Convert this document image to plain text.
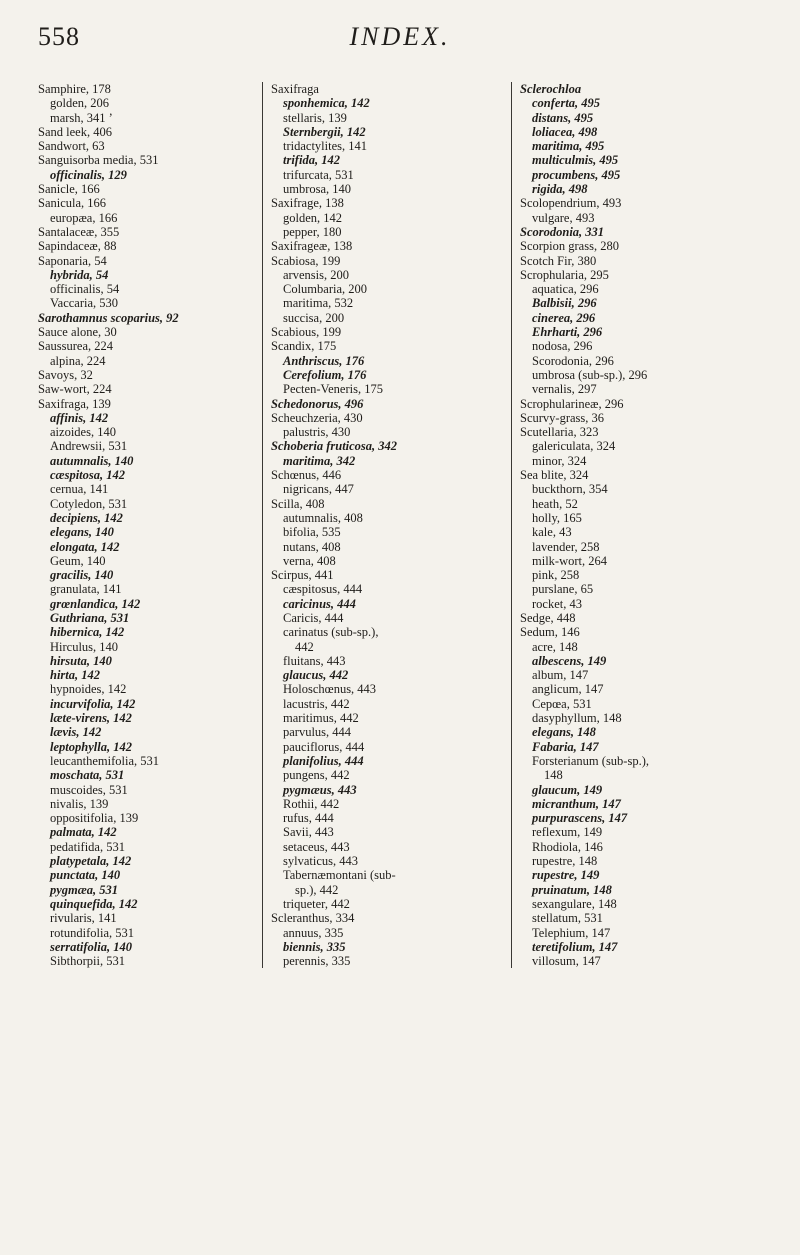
558	INDEX.
Samphire, 178
golden, 206
marsh, 341 ’
Sand leek, 406
Sandwort, 63
Sanguisorba media, 531
officinalis, 129
Sanicle, 166
Sanicula, 166
europæa, 166
Santalaceæ, 355
Sapindaceæ, 88
Saponaria, 54
hybrida, 54
officinalis, 54
Vaccaria, 530
Sarothamnus scoparius, 92
Sauce alone, 30
Saussurea, 224
alpina, 224
Savoys, 32
Saw-wort, 224
Saxifraga, 139
affinis, 142
aizoides, 140
Andrewsii, 531
autumnalis, 140
cæspitosa, 142
cernua, 141
Cotyledon, 531
decipiens, 142
elegans, 140
elongata, 142
Geum, 140
gracilis, 140
granulata, 141
grœnlandica, 142
Guthriana, 531
hibernica, 142
Hirculus, 140
hirsuta, 140
hirta, 142
hypnoides, 142
incurvifolia, 142
læte-virens, 142
lævis, 142
leptophylla, 142
leucanthemifolia, 531
moschata, 531
muscoides, 531
nivalis, 139
oppositifolia, 139
palmata, 142
pedatifida, 531
platypetala, 142
punctata, 140
pygmæa, 531
quinquefida, 142
rivularis, 141
rotundifolia, 531
serratifolia, 140
Sibthorpii, 531
Saxifraga
sponhemica, 142
stellaris, 139
Sternbergii, 142
tridactylites, 141
trifida, 142
trifurcata, 531
umbrosa, 140
Saxifrage, 138
golden, 142
pepper, 180
Saxifrageæ, 138
Scabiosa, 199
arvensis, 200
Columbaria, 200
maritima, 532
succisa, 200
Scabious, 199
Scandix, 175
Anthriscus, 176
Cerefolium, 176
Pecten-Veneris, 175
Schedonorus, 496
Scheuchzeria, 430
palustris, 430
Schoberia fruticosa, 342
maritima, 342
Schœnus, 446
nigricans, 447
Scilla, 408
autumnalis, 408
bifolia, 535
nutans, 408
verna, 408
Scirpus, 441
cæspitosus, 444
caricinus, 444
Caricis, 444
carinatus (sub-sp.),
442
fluitans, 443
glaucus, 442
Holoschœnus, 443
lacustris, 442
maritimus, 442
parvulus, 444
pauciflorus, 444
planifolius, 444
pungens, 442
pygmæus, 443
Rothii, 442
rufus, 444
Savii, 443
setaceus, 443
sylvaticus, 443
Tabernæmontani (sub-
sp.), 442
triqueter, 442
Scleranthus, 334
annuus, 335
biennis, 335
perennis, 335
Sclerochloa
conferta, 495
distans, 495
loliacea, 498
maritima, 495
multiculmis, 495
procumbens, 495
rigida, 498
Scolopendrium, 493
vulgare, 493
Scorodonia, 331
Scorpion grass, 280
Scotch Fir, 380
Scrophularia, 295
aquatica, 296
Balbisii, 296
cinerea, 296
Ehrharti, 296
nodosa, 296
Scorodonia, 296
umbrosa (sub-sp.), 296
vernalis, 297
Scrophularineæ, 296
Scurvy-grass, 36
Scutellaria, 323
galericulata, 324
minor, 324
Sea blite, 324
buckthorn, 354
heath, 52
holly, 165
kale, 43
lavender, 258
milk-wort, 264
pink, 258
purslane, 65
rocket, 43
Sedge, 448
Sedum, 146
acre, 148
albescens, 149
album, 147
anglicum, 147
Cepœa, 531
dasyphyllum, 148
elegans, 148
Fabaria, 147
Forsterianum (sub-sp.),
148
glaucum, 149
micranthum, 147
purpurascens, 147
reflexum, 149
Rhodiola, 146
rupestre, 148
rupestre, 149
pruinatum, 148
sexangulare, 148
stellatum, 531
Telephium, 147
teretifolium, 147
villosum, 147
